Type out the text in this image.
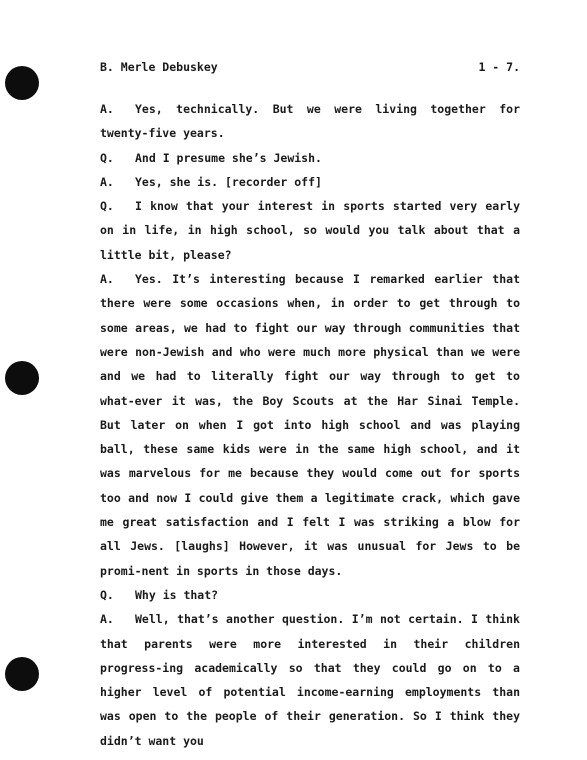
B. Merle Debuskey	1 - 7.

A. Yes, technically. But we were living together for twenty-five years.

Q. And I presume she’s Jewish.

A. Yes, she is. [recorder off]

Q. I know that your interest in sports started very early on in life, in high school, so would you talk about that a little bit, please?

A. Yes. It’s interesting because I remarked earlier that there were some occasions when, in order to get through to some areas, we had to fight our way through communities that were non-Jewish and who were much more physical than we were and we had to literally fight our way through to get to what-ever it was, the Boy Scouts at the Har Sinai Temple. But later on when I got into high school and was playing ball, these same kids were in the same high school, and it was marvelous for me because they would come out for sports too and now I could give them a legitimate crack, which gave me great satisfaction and I felt I was striking a blow for all Jews. [laughs] However, it was unusual for Jews to be promi-nent in sports in those days.

Q. Why is that?

A. Well, that’s another question. I’m not certain. I think that parents were more interested in their children progress-ing academically so that they could go on to a higher level of potential income-earning employments than was open to the people of their generation. So I think they didn’t want you
